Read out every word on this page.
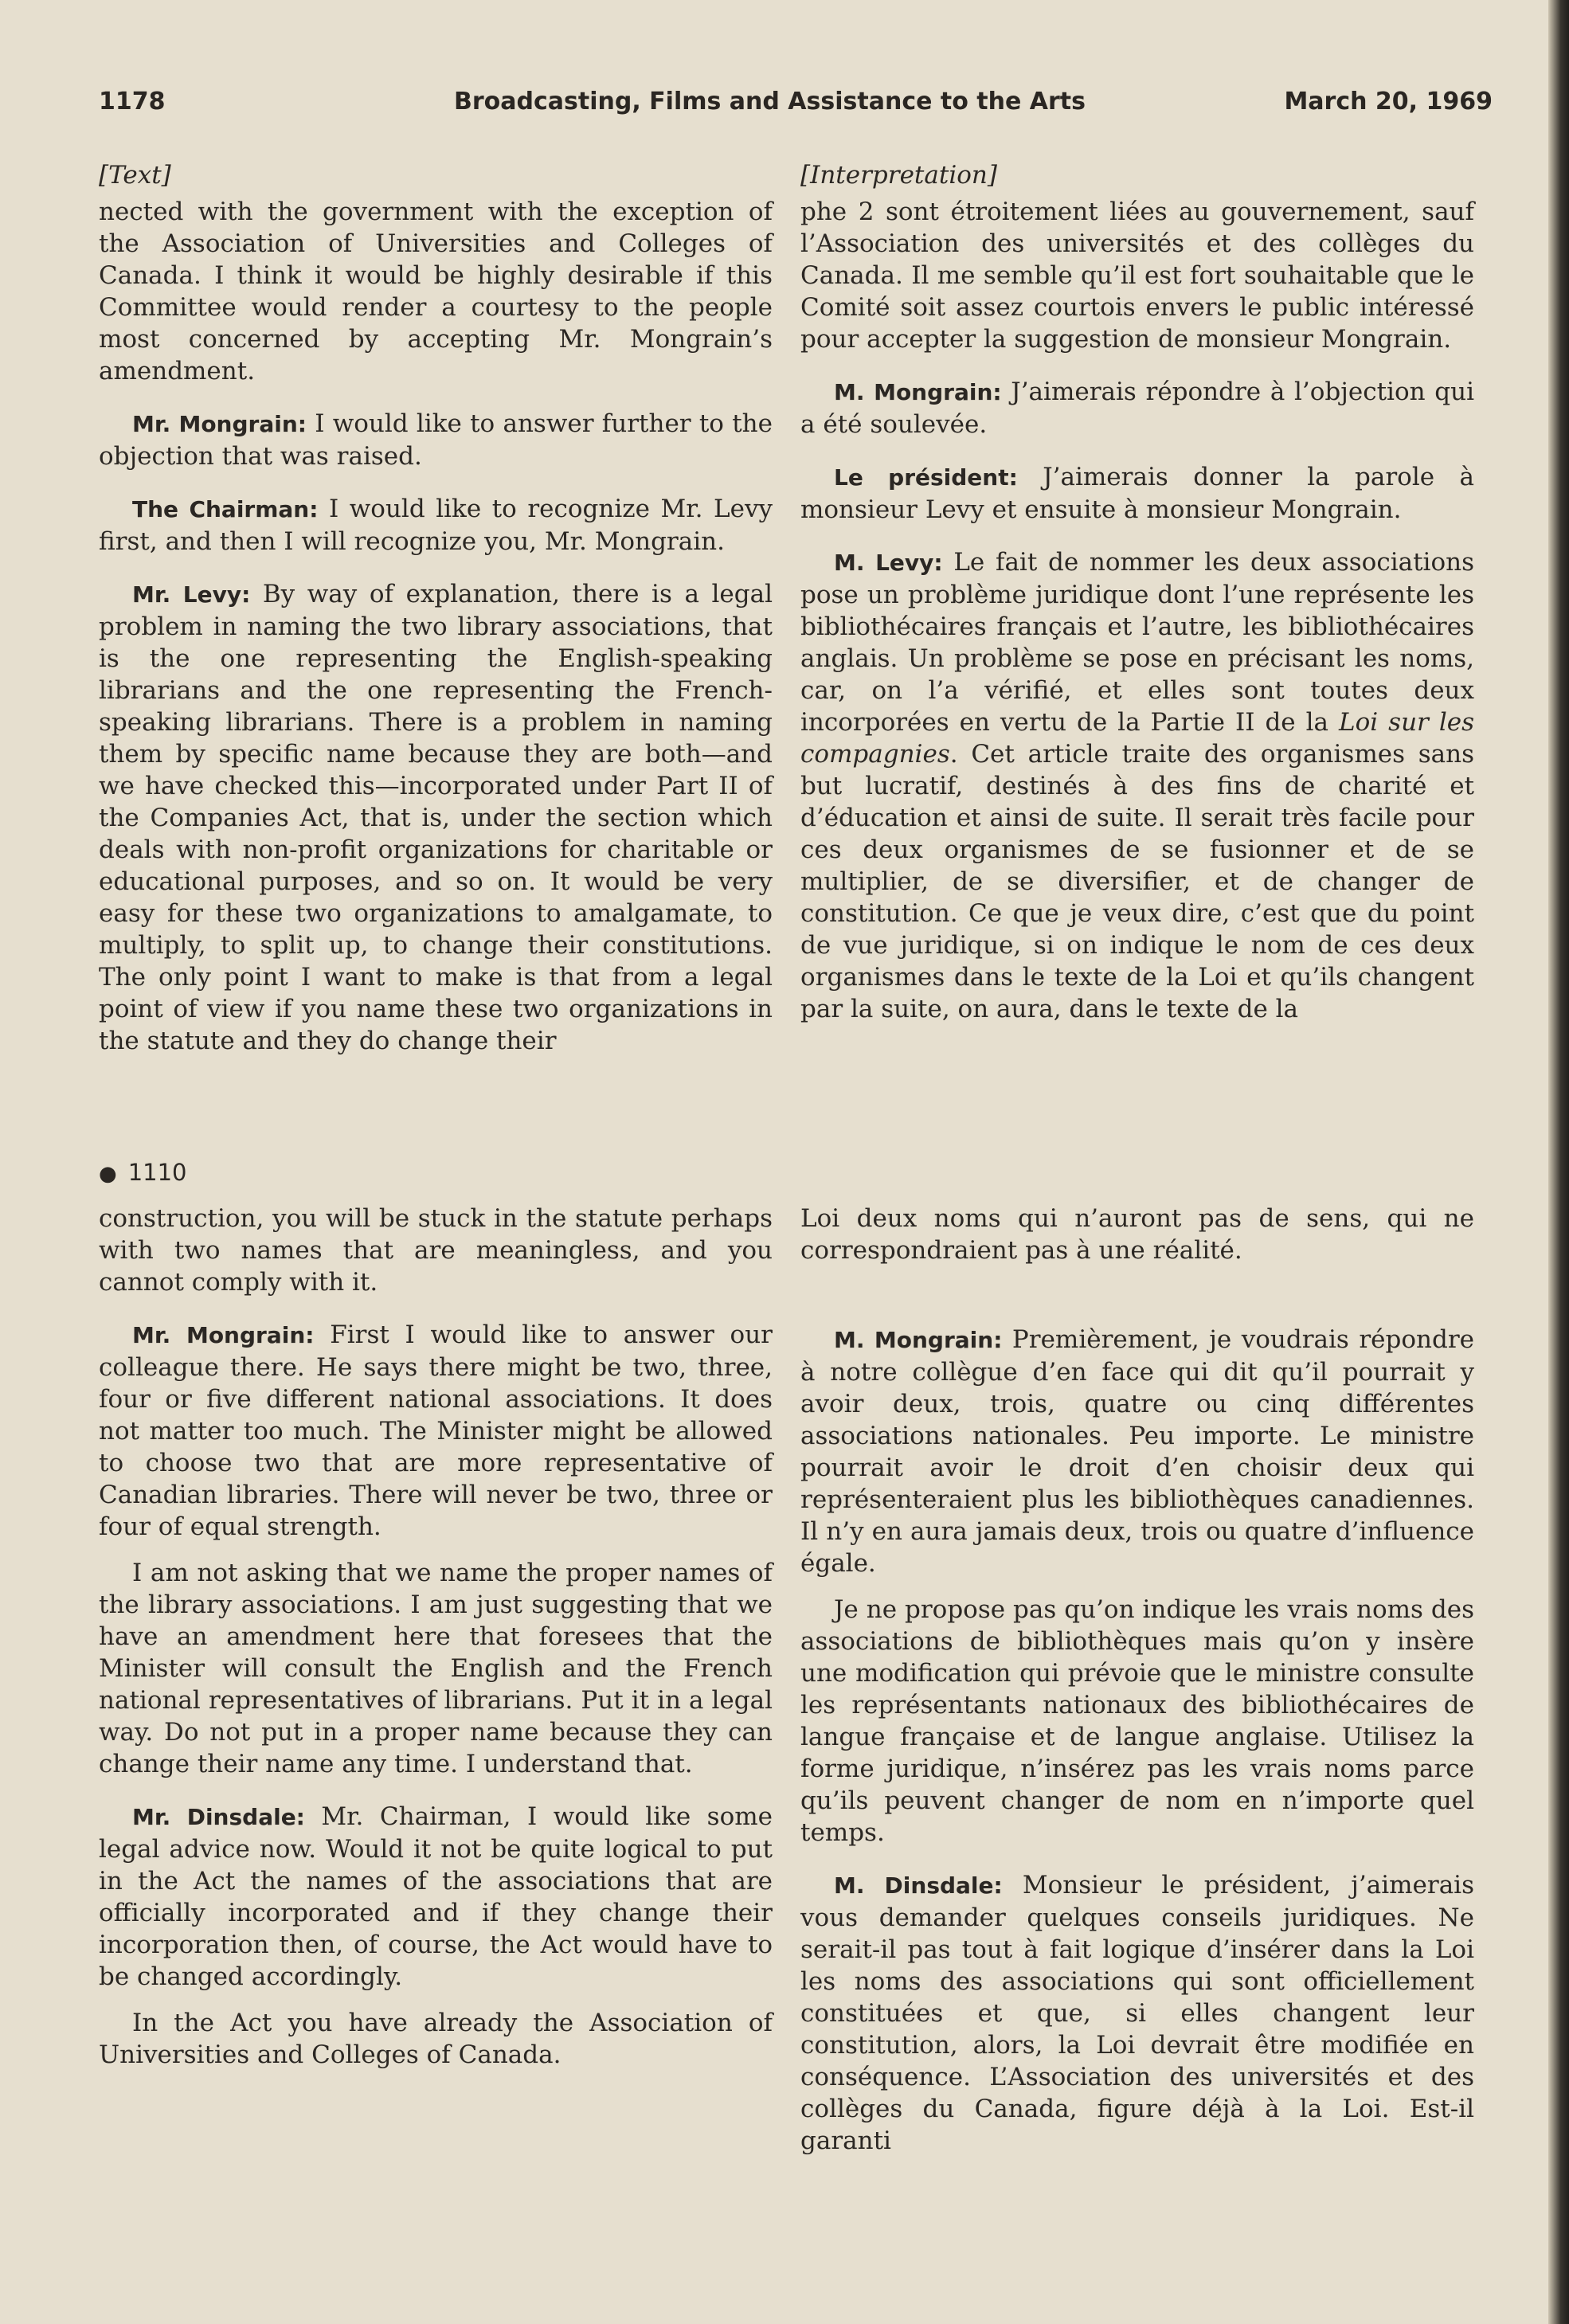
1178	Broadcasting, Films and Assistance to the Arts	March 20, 1969
[Text]

nected with the government with the exception of the Association of Universities and Colleges of Canada. I think it would be highly desirable if this Committee would render a courtesy to the people most concerned by accepting Mr. Mongrain’s amendment.

Mr. Mongrain: I would like to answer further to the objection that was raised.

The Chairman: I would like to recognize Mr. Levy first, and then I will recognize you, Mr. Mongrain.

Mr. Levy: By way of explanation, there is a legal problem in naming the two library associations, that is the one representing the English-speaking librarians and the one representing the French-speaking librarians. There is a problem in naming them by specific name because they are both—and we have checked this—incorporated under Part II of the Companies Act, that is, under the section which deals with non-profit organizations for charitable or educational purposes, and so on. It would be very easy for these two organizations to amalgamate, to multiply, to split up, to change their constitutions. The only point I want to make is that from a legal point of view if you name these two organizations in the statute and they do change their

● 1110
[Interpretation]

phe 2 sont étroitement liées au gouvernement, sauf l’Association des universités et des collèges du Canada. Il me semble qu’il est fort souhaitable que le Comité soit assez courtois envers le public intéressé pour accepter la suggestion de monsieur Mongrain.

M. Mongrain: J’aimerais répondre à l’objection qui a été soulevée.

Le président: J’aimerais donner la parole à monsieur Levy et ensuite à monsieur Mongrain.

M. Levy: Le fait de nommer les deux associations pose un problème juridique dont l’une représente les bibliothécaires français et l’autre, les bibliothécaires anglais. Un problème se pose en précisant les noms, car, on l’a vérifié, et elles sont toutes deux incorporées en vertu de la Partie II de la Loi sur les compagnies. Cet article traite des organismes sans but lucratif, destinés à des fins de charité et d’éducation et ainsi de suite. Il serait très facile pour ces deux organismes de se fusionner et de se multiplier, de se diversifier, et de changer de constitution. Ce que je veux dire, c’est que du point de vue juridique, si on indique le nom de ces deux organismes dans le texte de la Loi et qu’ils changent par la suite, on aura, dans le texte de la

construction, you will be stuck in the statute perhaps with two names that are meaningless, and you cannot comply with it.

Mr. Mongrain: First I would like to answer our colleague there. He says there might be two, three, four or five different national associations. It does not matter too much. The Minister might be allowed to choose two that are more representative of Canadian libraries. There will never be two, three or four of equal strength.

I am not asking that we name the proper names of the library associations. I am just suggesting that we have an amendment here that foresees that the Minister will consult the English and the French national representatives of librarians. Put it in a legal way. Do not put in a proper name because they can change their name any time. I understand that.

Mr. Dinsdale: Mr. Chairman, I would like some legal advice now. Would it not be quite logical to put in the Act the names of the associations that are officially incorporated and if they change their incorporation then, of course, the Act would have to be changed accordingly.

In the Act you have already the Association of Universities and Colleges of Canada.

Loi deux noms qui n’auront pas de sens, qui ne correspondraient pas à une réalité.

M. Mongrain: Premièrement, je voudrais répondre à notre collègue d’en face qui dit qu’il pourrait y avoir deux, trois, quatre ou cinq différentes associations nationales. Peu importe. Le ministre pourrait avoir le droit d’en choisir deux qui représenteraient plus les bibliothèques canadiennes. Il n’y en aura jamais deux, trois ou quatre d’influence égale.

Je ne propose pas qu’on indique les vrais noms des associations de bibliothèques mais qu’on y insère une modification qui prévoie que le ministre consulte les représentants nationaux des bibliothécaires de langue française et de langue anglaise. Utilisez la forme juridique, n’insérez pas les vrais noms parce qu’ils peuvent changer de nom en n’importe quel temps.

M. Dinsdale: Monsieur le président, j’aimerais vous demander quelques conseils juridiques. Ne serait-il pas tout à fait logique d’insérer dans la Loi les noms des associations qui sont officiellement constituées et que, si elles changent leur constitution, alors, la Loi devrait être modifiée en conséquence. L’Association des universités et des collèges du Canada, figure déjà à la Loi. Est-il garanti
